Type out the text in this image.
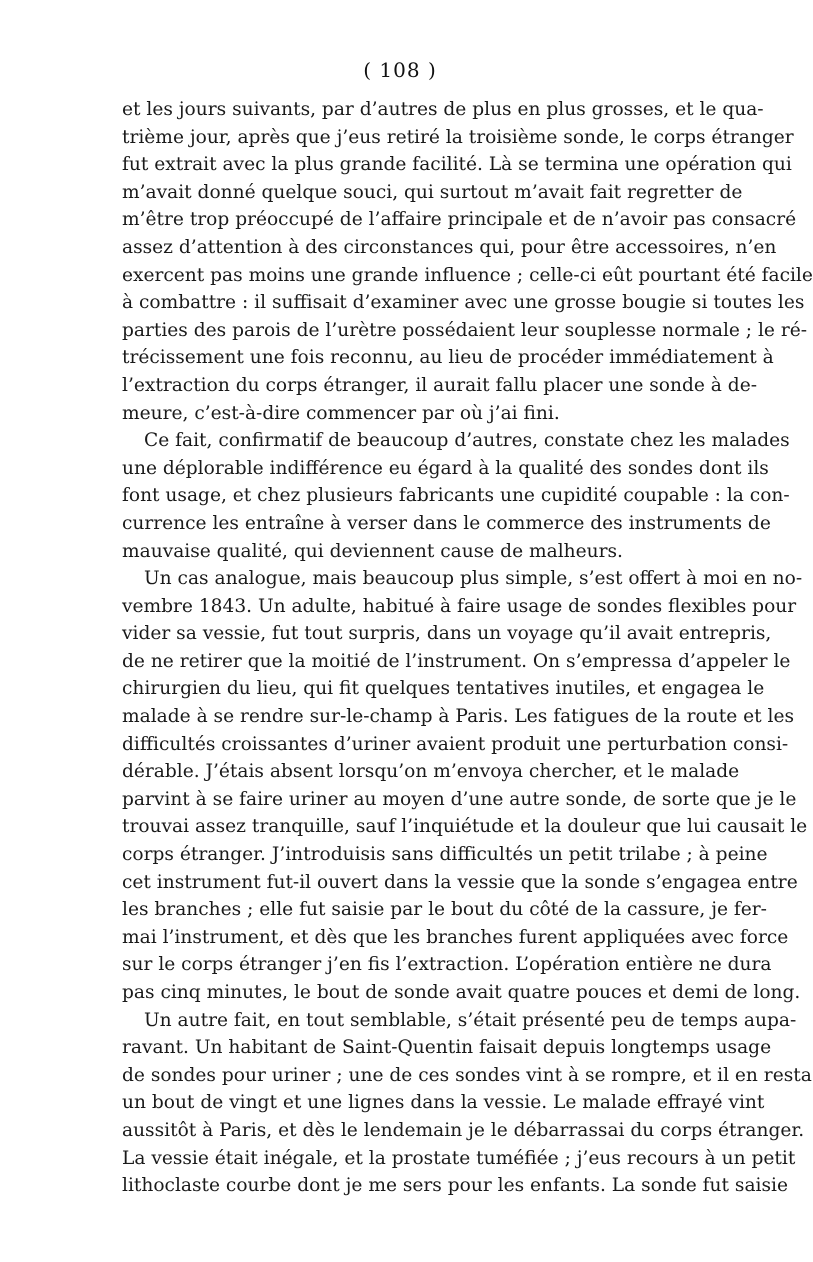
( 108 )
et les jours suivants, par d’autres de plus en plus grosses, et le qua-
trième jour, après que j’eus retiré la troisième sonde, le corps étranger
fut extrait avec la plus grande facilité. Là se termina une opération qui
m’avait donné quelque souci, qui surtout m’avait fait regretter de
m’être trop préoccupé de l’affaire principale et de n’avoir pas consacré
assez d’attention à des circonstances qui, pour être accessoires, n’en
exercent pas moins une grande influence ; celle-ci eût pourtant été facile
à combattre : il suffisait d’examiner avec une grosse bougie si toutes les
parties des parois de l’urètre possédaient leur souplesse normale ; le ré-
trécissement une fois reconnu, au lieu de procéder immédiatement à
l’extraction du corps étranger, il aurait fallu placer une sonde à de-
meure, c’est-à-dire commencer par où j’ai fini.
Ce fait, confirmatif de beaucoup d’autres, constate chez les malades
une déplorable indifférence eu égard à la qualité des sondes dont ils
font usage, et chez plusieurs fabricants une cupidité coupable : la con-
currence les entraîne à verser dans le commerce des instruments de
mauvaise qualité, qui deviennent cause de malheurs.
Un cas analogue, mais beaucoup plus simple, s’est offert à moi en no-
vembre 1843. Un adulte, habitué à faire usage de sondes flexibles pour
vider sa vessie, fut tout surpris, dans un voyage qu’il avait entrepris,
de ne retirer que la moitié de l’instrument. On s’empressa d’appeler le
chirurgien du lieu, qui fit quelques tentatives inutiles, et engagea le
malade à se rendre sur-le-champ à Paris. Les fatigues de la route et les
difficultés croissantes d’uriner avaient produit une perturbation consi-
dérable. J’étais absent lorsqu’on m’envoya chercher, et le malade
parvint à se faire uriner au moyen d’une autre sonde, de sorte que je le
trouvai assez tranquille, sauf l’inquiétude et la douleur que lui causait le
corps étranger. J’introduisis sans difficultés un petit trilabe ; à peine
cet instrument fut-il ouvert dans la vessie que la sonde s’engagea entre
les branches ; elle fut saisie par le bout du côté de la cassure, je fer-
mai l’instrument, et dès que les branches furent appliquées avec force
sur le corps étranger j’en fis l’extraction. L’opération entière ne dura
pas cinq minutes, le bout de sonde avait quatre pouces et demi de long.
Un autre fait, en tout semblable, s’était présenté peu de temps aupa-
ravant. Un habitant de Saint-Quentin faisait depuis longtemps usage
de sondes pour uriner ; une de ces sondes vint à se rompre, et il en resta
un bout de vingt et une lignes dans la vessie. Le malade effrayé vint
aussitôt à Paris, et dès le lendemain je le débarrassai du corps étranger.
La vessie était inégale, et la prostate tuméfiée ; j’eus recours à un petit
lithoclaste courbe dont je me sers pour les enfants. La sonde fut saisie
